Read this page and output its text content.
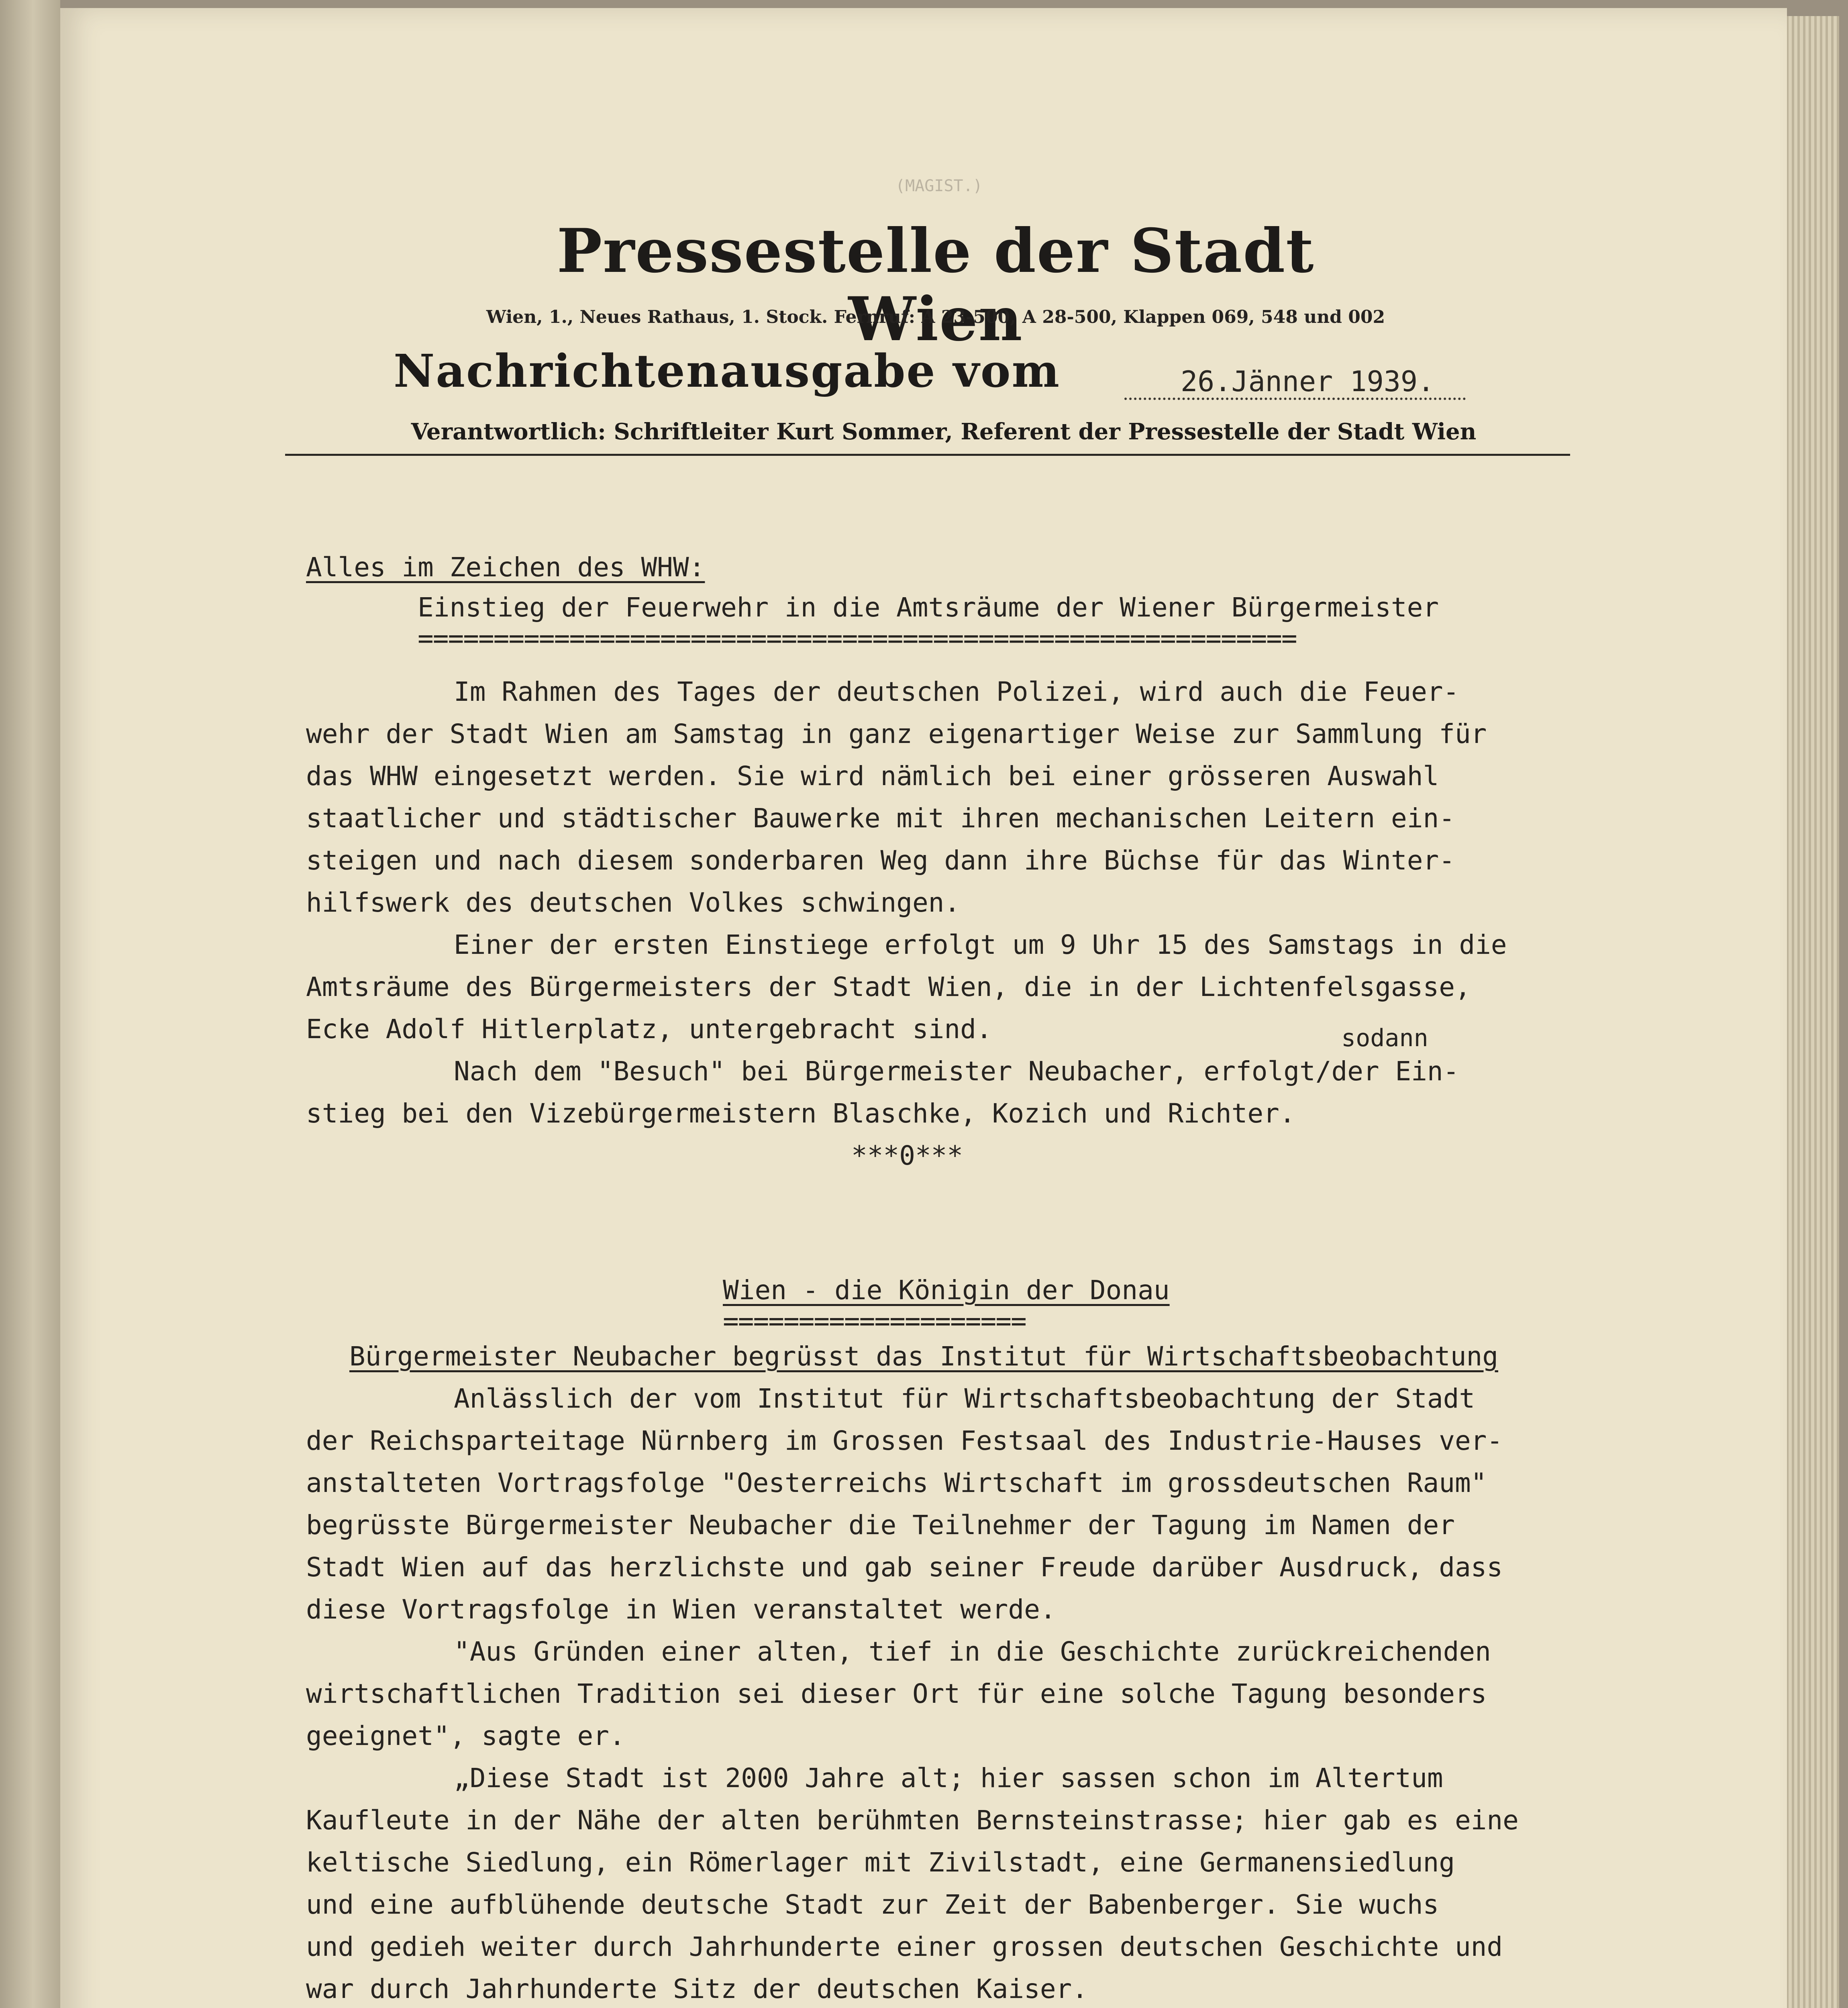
(MAGIST.)
Pressestelle der Stadt Wien
Wien, 1., Neues Rathaus, 1. Stock. Fernruf: A 23-500, A 28-500, Klappen 069, 548 und 002
Nachrichtenausgabe vom	26.Jänner 1939.
Verantwortlich: Schriftleiter Kurt Sommer, Referent der Pressestelle der Stadt Wien
Alles im Zeichen des WHW:
Einstieg der Feuerwehr in die Amtsräume der Wiener Bürgermeister
==========================================================
Im Rahmen des Tages der deutschen Polizei, wird auch die Feuer-
wehr der Stadt Wien am Samstag in ganz eigenartiger Weise zur Sammlung für
das WHW eingesetzt werden. Sie wird nämlich bei einer grösseren Auswahl
staatlicher und städtischer Bauwerke mit ihren mechanischen Leitern ein-
steigen und nach diesem sonderbaren Weg dann ihre Büchse für das Winter-
hilfswerk des deutschen Volkes schwingen.
Einer der ersten Einstiege erfolgt um 9 Uhr 15 des Samstags in die
Amtsräume des Bürgermeisters der Stadt Wien, die in der Lichtenfelsgasse,
Ecke Adolf Hitlerplatz, untergebracht sind.	sodann
Nach dem "Besuch" bei Bürgermeister Neubacher, erfolgt/der Ein-
stieg bei den Vizebürgermeistern Blaschke, Kozich und Richter.
***0***
Wien - die Königin der Donau
====================
Bürgermeister Neubacher begrüsst das Institut für Wirtschaftsbeobachtung
Anlässlich der vom Institut für Wirtschaftsbeobachtung der Stadt
der Reichsparteitage Nürnberg im Grossen Festsaal des Industrie-Hauses ver-
anstalteten Vortragsfolge "Oesterreichs Wirtschaft im grossdeutschen Raum"
begrüsste Bürgermeister Neubacher die Teilnehmer der Tagung im Namen der
Stadt Wien auf das herzlichste und gab seiner Freude darüber Ausdruck, dass
diese Vortragsfolge in Wien veranstaltet werde.
"Aus Gründen einer alten, tief in die Geschichte zurückreichenden
wirtschaftlichen Tradition sei dieser Ort für eine solche Tagung besonders
geeignet", sagte er.
„Diese Stadt ist 2000 Jahre alt; hier sassen schon im Altertum
Kaufleute in der Nähe der alten berühmten Bernsteinstrasse; hier gab es eine
keltische Siedlung, ein Römerlager mit Zivilstadt, eine Germanensiedlung
und eine aufblühende deutsche Stadt zur Zeit der Babenberger. Sie wuchs
und gedieh weiter durch Jahrhunderte einer grossen deutschen Geschichte und
war durch Jahrhunderte Sitz der deutschen Kaiser.
